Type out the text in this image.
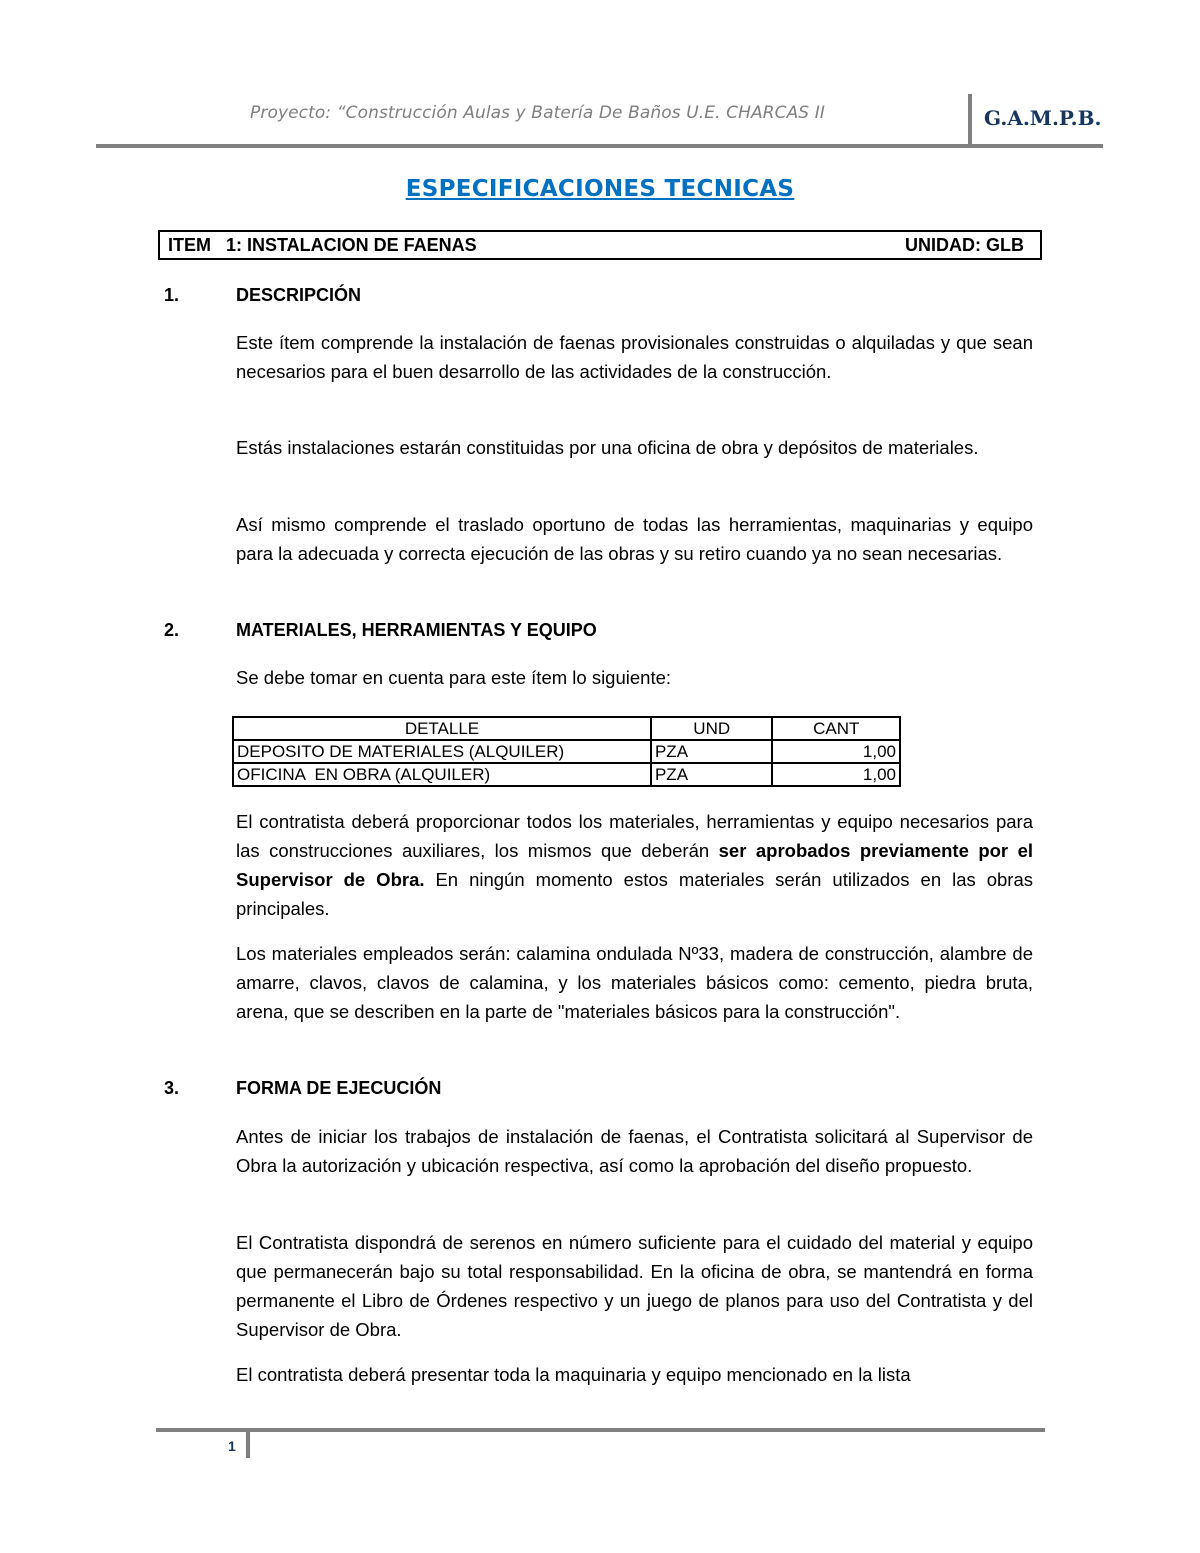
Proyecto: “Construcción Aulas y Batería De Baños U.E. CHARCAS II	G.A.M.P.B.
ESPECIFICACIONES TECNICAS
ITEM   1: INSTALACION DE FAENAS	UNIDAD: GLB
1.	DESCRIPCIÓN
Este ítem comprende la instalación de faenas provisionales construidas o alquiladas y que sean necesarios para el buen desarrollo de las actividades de la construcción.
Estás instalaciones estarán constituidas por una oficina de obra y depósitos de materiales.
Así mismo comprende el traslado oportuno de todas las herramientas, maquinarias y equipo para la adecuada y correcta ejecución de las obras y su retiro cuando ya no sean necesarias.
2.	MATERIALES, HERRAMIENTAS Y EQUIPO
Se debe tomar en cuenta para este ítem lo siguiente:
DETALLE	UND	CANT
DEPOSITO DE MATERIALES (ALQUILER)	PZA	1,00
OFICINA  EN OBRA (ALQUILER)	PZA	1,00
El contratista deberá proporcionar todos los materiales, herramientas y equipo necesarios para las construcciones auxiliares, los mismos que deberán ser aprobados previamente por el Supervisor de Obra. En ningún momento estos materiales serán utilizados en las obras principales.
Los materiales empleados serán: calamina ondulada Nº33, madera de construcción, alambre de amarre, clavos, clavos de calamina, y los materiales básicos como: cemento, piedra bruta, arena, que se describen en la parte de "materiales básicos para la construcción".
3.	FORMA DE EJECUCIÓN
Antes de iniciar los trabajos de instalación de faenas, el Contratista solicitará al Supervisor de Obra la autorización y ubicación respectiva, así como la aprobación del diseño propuesto.
El Contratista dispondrá de serenos en número suficiente para el cuidado del material y equipo que permanecerán bajo su total responsabilidad. En la oficina de obra, se mantendrá en forma permanente el Libro de Órdenes respectivo y un juego de planos para uso del Contratista y del Supervisor de Obra.
El contratista deberá presentar toda la maquinaria y equipo mencionado en la lista
1
